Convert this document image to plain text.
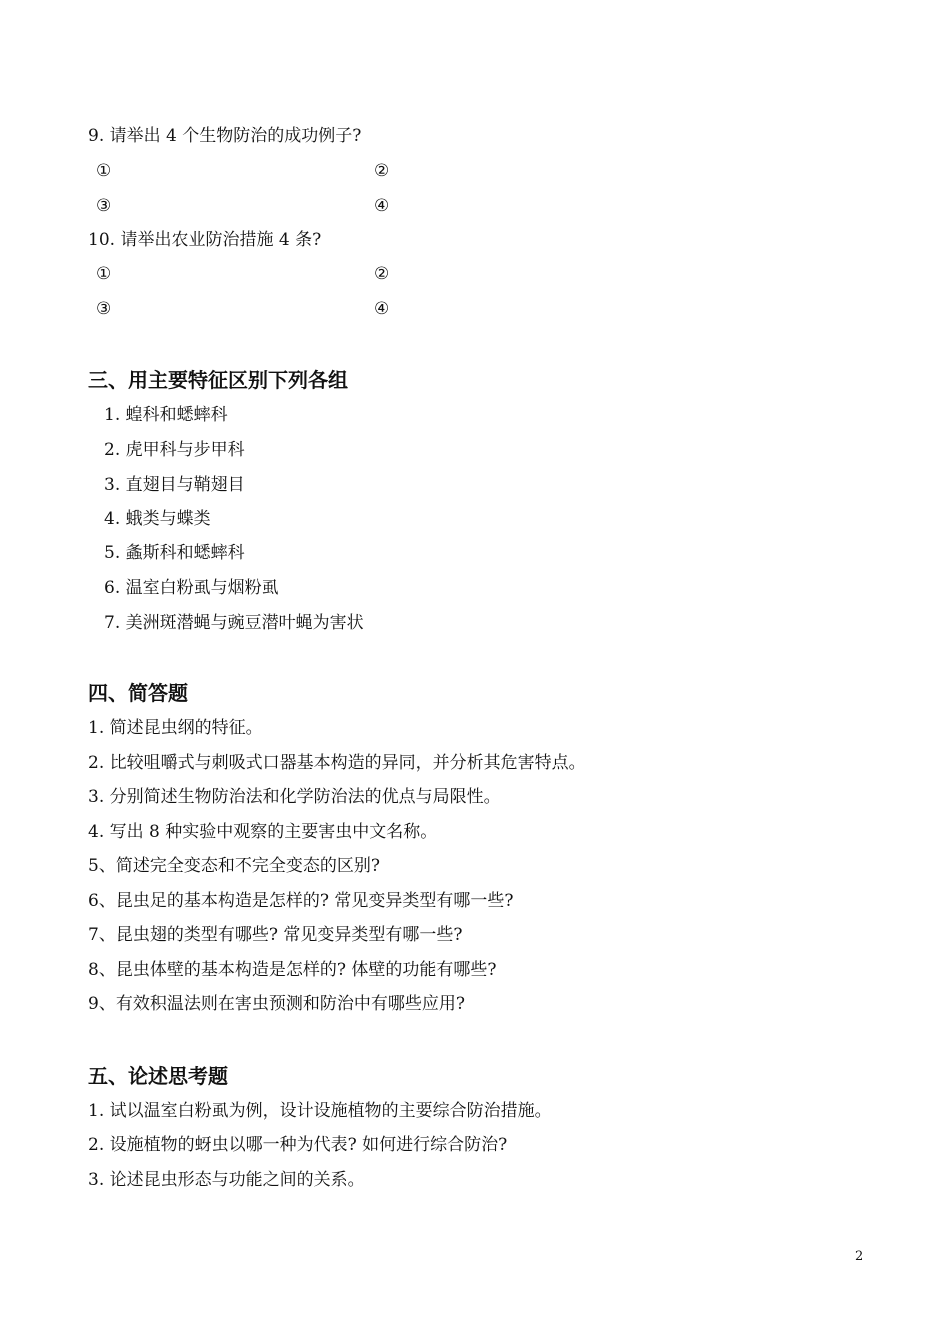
9. 请举出 4 个生物防治的成功例子?
①	②
③	④
10. 请举出农业防治措施 4 条?
①	②
③	④
三、用主要特征区别下列各组
1. 蝗科和蟋蟀科
2. 虎甲科与步甲科
3. 直翅目与鞘翅目
4. 蛾类与蝶类
5. 螽斯科和蟋蟀科
6. 温室白粉虱与烟粉虱
7. 美洲斑潜蝇与豌豆潜叶蝇为害状
四、简答题
1. 简述昆虫纲的特征。
2. 比较咀嚼式与刺吸式口器基本构造的异同，并分析其危害特点。
3. 分别简述生物防治法和化学防治法的优点与局限性。
4. 写出 8 种实验中观察的主要害虫中文名称。
5、简述完全变态和不完全变态的区别?
6、昆虫足的基本构造是怎样的? 常见变异类型有哪一些?
7、昆虫翅的类型有哪些? 常见变异类型有哪一些?
8、昆虫体壁的基本构造是怎样的? 体壁的功能有哪些?
9、有效积温法则在害虫预测和防治中有哪些应用?
五、论述思考题
1. 试以温室白粉虱为例，设计设施植物的主要综合防治措施。
2. 设施植物的蚜虫以哪一种为代表? 如何进行综合防治?
3. 论述昆虫形态与功能之间的关系。
2
